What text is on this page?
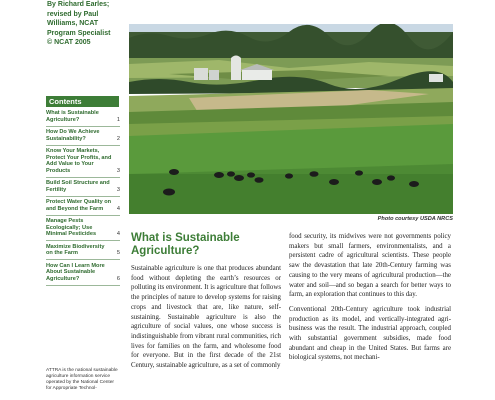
By Richard Earles;
revised by Paul
Williams, NCAT
Program Specialist
© NCAT 2005
Contents
What is Sustainable Agriculture?	1
How Do We Achieve Sustainability?	2
Know Your Markets, Protect Your Profits, and Add Value to Your Products	3
Build Soil Structure and Fertility	3
Protect Water Quality on and Beyond the Farm	4
Manage Pests Ecologically; Use Minimal Pesticides	4
Maximize Biodiversity on the Farm	5
How Can I Learn More About Sustainable Agriculture?	6
ATTRA is the national sustainable agriculture information service operated by the National Center for Appropriate Technol-
Photo courtesy USDA NRCS
What is Sustainable Agriculture?

Sustainable agriculture is one that produces abundant food without depleting the earth’s resources or polluting its environment. It is agriculture that follows the principles of nature to develop systems for raising crops and livestock that are, like nature, self-sustaining. Sustainable agriculture is also the agriculture of social values, one whose success is indistinguishable from vibrant rural communities, rich lives for families on the farm, and wholesome food for everyone. But in the first decade of the 21st Century, sustainable agriculture, as a set of commonly

food security, its midwives were not governments policy makers but small farmers, environmentalists, and a persistent cadre of agricultural scientists. These people saw the devastation that late 20th-Century farming was causing to the very means of agricultural production—the water and soil—and so began a search for better ways to farm, an exploration that continues to this day.

Conventional 20th-Century agriculture took industrial production as its model, and vertically-integrated agri-business was the result. The industrial approach, coupled with substantial government subsidies, made food abundant and cheap in the United States. But farms are biological systems, not mechani-
